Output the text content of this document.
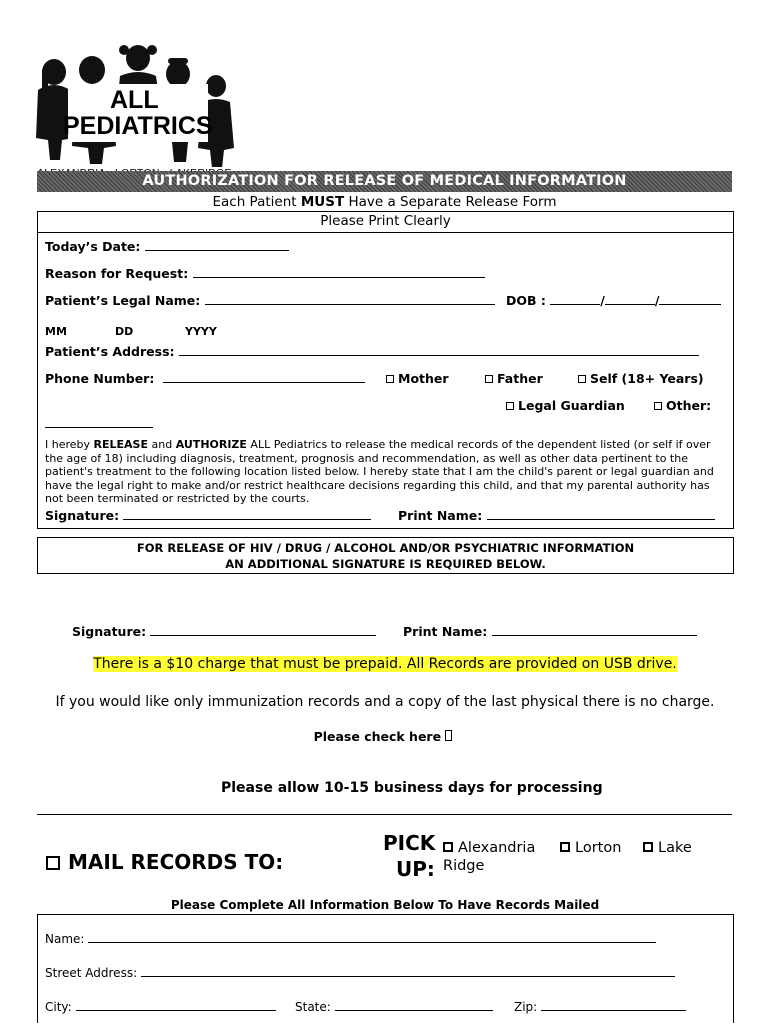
ALL
PEDIATRICS
AUTHORIZATION FOR RELEASE OF MEDICAL INFORMATION
Each Patient MUST Have a Separate Release Form
Please Print Clearly
Today’s Date:
Reason for Request:
Patient’s Legal Name:	DOB :	/	/
MM	DD	YYYY
Patient’s Address:
Phone Number:	Mother	Father	Self (18+ Years)
Legal Guardian	Other:
I hereby RELEASE and AUTHORIZE ALL Pediatrics to release the medical records of the dependent listed (or self if over the age of 18) including diagnosis, treatment, prognosis and recommendation, as well as other data pertinent to the patient's treatment to the following location listed below. I hereby state that I am the child's parent or legal guardian and have the legal right to make and/or restrict healthcare decisions regarding this child, and that my parental authority has not been terminated or restricted by the courts.
Signature:	Print Name:
FOR RELEASE OF HIV / DRUG / ALCOHOL AND/OR PSYCHIATRIC INFORMATION
AN ADDITIONAL SIGNATURE IS REQUIRED BELOW.
Signature:	Print Name:
There is a $10 charge that must be prepaid. All Records are provided on USB drive.
If you would like only immunization records and a copy of the last physical there is no charge.
Please check here
Please allow 10-15 business days for processing
MAIL RECORDS TO:
PICK
UP:
Alexandria	Lorton	Lake
Ridge
Please Complete All Information Below To Have Records Mailed
Name:
Street Address:
City:	State:	Zip:
